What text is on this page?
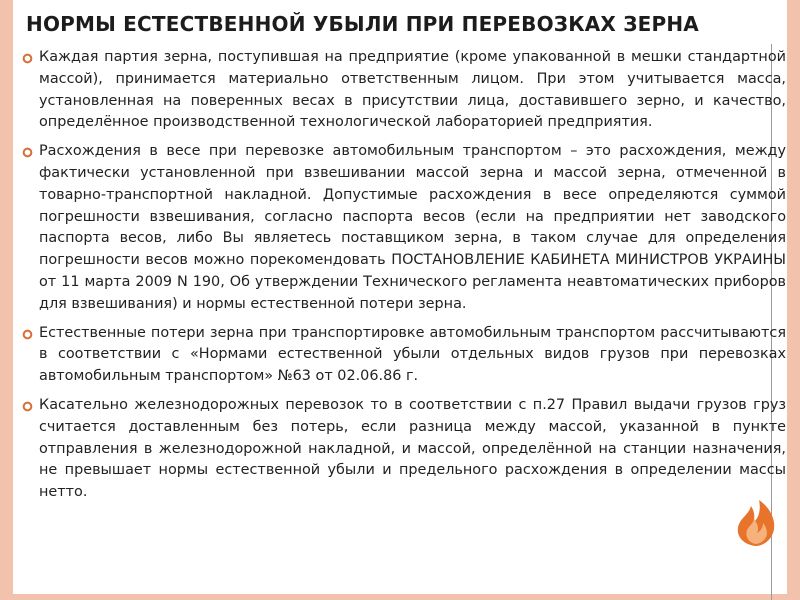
НОРМЫ ЕСТЕСТВЕННОЙ УБЫЛИ ПРИ ПЕРЕВОЗКАХ ЗЕРНА
Каждая партия зерна, поступившая на предприятие (кроме упакованной в мешки стандартной массой), принимается материально ответственным лицом. При этом учитывается масса, установленная на поверенных весах в присутствии лица, доставившего зерно, и качество, определённое производственной технологической лабораторией предприятия.
Расхождения в весе при перевозке автомобильным транспортом – это расхождения, между фактически установленной при взвешивании массой зерна и массой зерна, отмеченной в товарно-транспортной накладной. Допустимые расхождения в весе определяются суммой погрешности взвешивания, согласно паспорта весов (если на предприятии нет заводского паспорта весов, либо Вы являетесь поставщиком зерна, в таком случае для определения погрешности весов можно порекомендовать ПОСТАНОВЛЕНИЕ КАБИНЕТА МИНИСТРОВ УКРАИНЫ от 11 марта 2009 N 190, Об утверждении Технического регламента неавтоматических приборов для взвешивания) и нормы естественной потери зерна.
Естественные потери зерна при транспортировке автомобильным транспортом рассчитываются в соответствии с «Нормами естественной убыли отдельных видов грузов при перевозках автомобильным транспортом» №63 от 02.06.86 г.
Касательно железнодорожных перевозок то в соответствии с п.27 Правил выдачи грузов груз считается доставленным без потерь, если разница между массой, указанной в пункте отправления в железнодорожной накладной, и массой, определённой на станции назначения, не превышает нормы естественной убыли и предельного расхождения в определении массы нетто.
